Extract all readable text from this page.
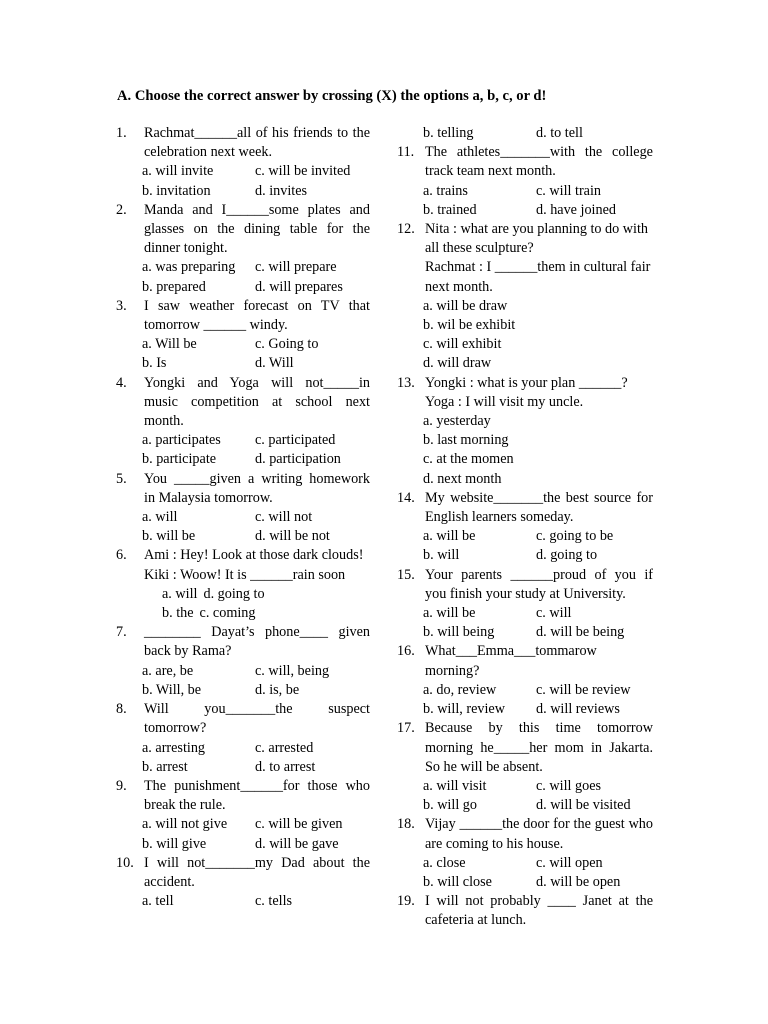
A. Choose the correct answer by crossing (X) the options a, b, c, or d!
1.	Rachmat______all of his friends to the celebration next week.
a. will invite	c. will be invited
b. invitation	d. invites
2.	Manda and I______some plates and glasses on the dining table for the dinner tonight.
a. was preparing	c. will prepare
b. prepared	d. will prepares
3.	I saw weather forecast on TV that tomorrow ______ windy.
a. Will be	c. Going to
b. Is	d. Will
4.	Yongki and Yoga will not_____in music competition at school next month.
a. participates	c. participated
b. participate	d. participation
5.	You _____given a writing homework in Malaysia tomorrow.
a. will	c. will not
b. will be	d. will be not
6.	Ami : Hey! Look at those dark clouds!
Kiki : Woow! It is ______rain soon
a. will d. going to
b. the c. coming
7.	________ Dayat’s phone____ given back by Rama?
a. are, be	c. will, being
b. Will, be	d. is, be
8.	Will you_______the suspect tomorrow?
a. arresting	c. arrested
b. arrest	d. to arrest
9.	The punishment______for those who break the rule.
a. will not give	c. will be given
b. will give	d. will be gave
10. I will not_______my Dad about the accident.
a. tell	c. tells
b. telling	d. to tell
11. The athletes_______with the college track team next month.
a. trains	c. will train
b. trained	d. have joined
12. Nita : what are you planning to do with all these sculpture?
Rachmat : I ______them in cultural fair next month.
a. will be draw
b. wil be exhibit
c. will exhibit
d. will draw
13. Yongki : what is your plan ______?
Yoga : I will visit my uncle.
a. yesterday
b. last morning
c. at the momen
d. next month
14. My website_______the best source for English learners someday.
a. will be	c. going to be
b. will	d. going to
15. Your parents ______proud of you if you finish your study at University.
a. will be	c. will
b. will being	d. will be being
16. What___Emma___tommarow morning?
a. do, review	c. will be review
b. will, review	d. will reviews
17. Because by this time tomorrow morning he_____her mom in Jakarta. So he will be absent.
a. will visit	c. will goes
b. will go	d. will be visited
18. Vijay ______the door for the guest who are coming to his house.
a. close	c. will open
b. will close	d. will be open
19. I will not probably ____ Janet at the cafeteria at lunch.
